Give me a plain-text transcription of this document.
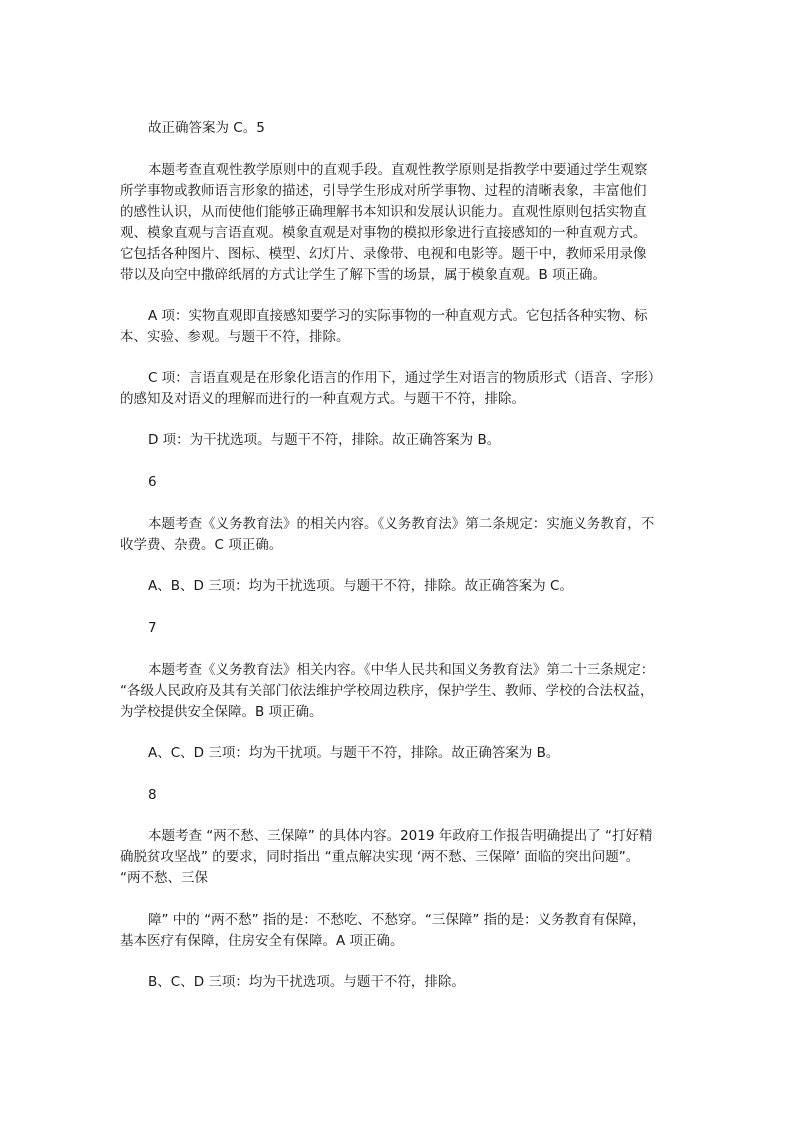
故正确答案为 C。5

本题考查直观性教学原则中的直观手段。直观性教学原则是指教学中要通过学生观察
所学事物或教师语言形象的描述，引导学生形成对所学事物、过程的清晰表象，丰富他们
的感性认识，从而使他们能够正确理解书本知识和发展认识能力。直观性原则包括实物直
观、模象直观与言语直观。模象直观是对事物的模拟形象进行直接感知的一种直观方式。
它包括各种图片、图标、模型、幻灯片、录像带、电视和电影等。题干中，教师采用录像
带以及向空中撒碎纸屑的方式让学生了解下雪的场景，属于模象直观。B 项正确。

A 项：实物直观即直接感知要学习的实际事物的一种直观方式。它包括各种实物、标
本、实验、参观。与题干不符，排除。

C 项：言语直观是在形象化语言的作用下，通过学生对语言的物质形式（语音、字形）
的感知及对语义的理解而进行的一种直观方式。与题干不符，排除。

D 项：为干扰选项。与题干不符，排除。故正确答案为 B。

6

本题考查《义务教育法》的相关内容。《义务教育法》第二条规定：实施义务教育，不
收学费、杂费。C 项正确。

A、B、D 三项：均为干扰选项。与题干不符，排除。故正确答案为 C。

7

本题考查《义务教育法》相关内容。《中华人民共和国义务教育法》第二十三条规定：
“各级人民政府及其有关部门依法维护学校周边秩序，保护学生、教师、学校的合法权益，
为学校提供安全保障。B 项正确。

A、C、D 三项：均为干扰项。与题干不符，排除。故正确答案为 B。

8

本题考查 “两不愁、三保障” 的具体内容。2019 年政府工作报告明确提出了 “打好精
确脱贫攻坚战” 的要求，同时指出 “重点解决实现 ‘两不愁、三保障’ 面临的突出问题”。
“两不愁、三保

障” 中的 “两不愁” 指的是：不愁吃、不愁穿。“三保障” 指的是：义务教育有保障，
基本医疗有保障，住房安全有保障。A 项正确。

B、C、D 三项：均为干扰选项。与题干不符，排除。
